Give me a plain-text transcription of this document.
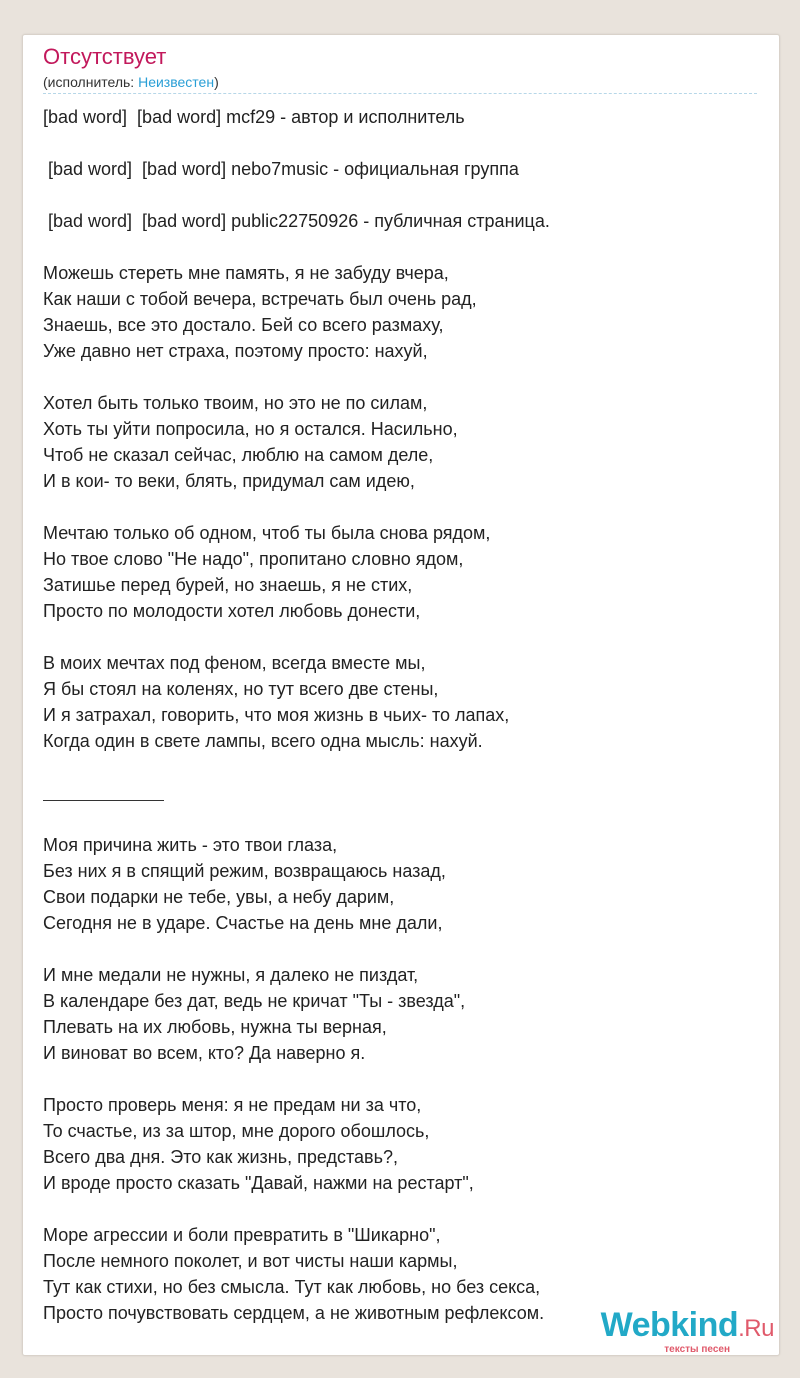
Отсутствует
(исполнитель: Неизвестен)
[bad word]  [bad word] mcf29 - автор и исполнитель
[bad word]  [bad word] nebo7music - официальная группа
[bad word]  [bad word] public22750926 - публичная страница.
Можешь стереть мне память, я не забуду вчера,
Как наши с тобой вечера, встречать был очень рад,
Знаешь, все это достало. Бей со всего размаху,
Уже давно нет страха, поэтому просто: нахуй,
Хотел быть только твоим, но это не по силам,
Хоть ты уйти попросила, но я остался. Насильно,
Чтоб не сказал сейчас, люблю на самом деле,
И в кои- то веки, блять, придумал сам идею,
Мечтаю только об одном, чтоб ты была снова рядом,
Но твое слово "Не надо", пропитано словно ядом,
Затишье перед бурей, но знаешь, я не стих,
Просто по молодости хотел любовь донести,
В моих мечтах под феном, всегда вместе мы,
Я бы стоял на коленях, но тут всего две стены,
И я затрахал, говорить, что моя жизнь в чьих- то лапах,
Когда один в свете лампы, всего одна мысль: нахуй.
Моя причина жить - это твои глаза,
Без них я в спящий режим, возвращаюсь назад,
Свои подарки не тебе, увы, а небу дарим,
Сегодня не в ударе. Счастье на день мне дали,
И мне медали не нужны, я далеко не пиздат,
В календаре без дат, ведь не кричат "Ты - звезда",
Плевать на их любовь, нужна ты верная,
И виноват во всем, кто? Да наверно я.
Просто проверь меня: я не предам ни за что,
То счастье, из за штор, мне дорого обошлось,
Всего два дня. Это как жизнь, представь?,
И вроде просто сказать "Давай, нажми на рестарт",
Море агрессии и боли превратить в "Шикарно",
После немного поколет, и вот чисты наши кармы,
Тут как стихи, но без смысла. Тут как любовь, но без секса,
Просто почувствовать сердцем, а не животным рефлексом.	Webkind.Ru
тексты песен
